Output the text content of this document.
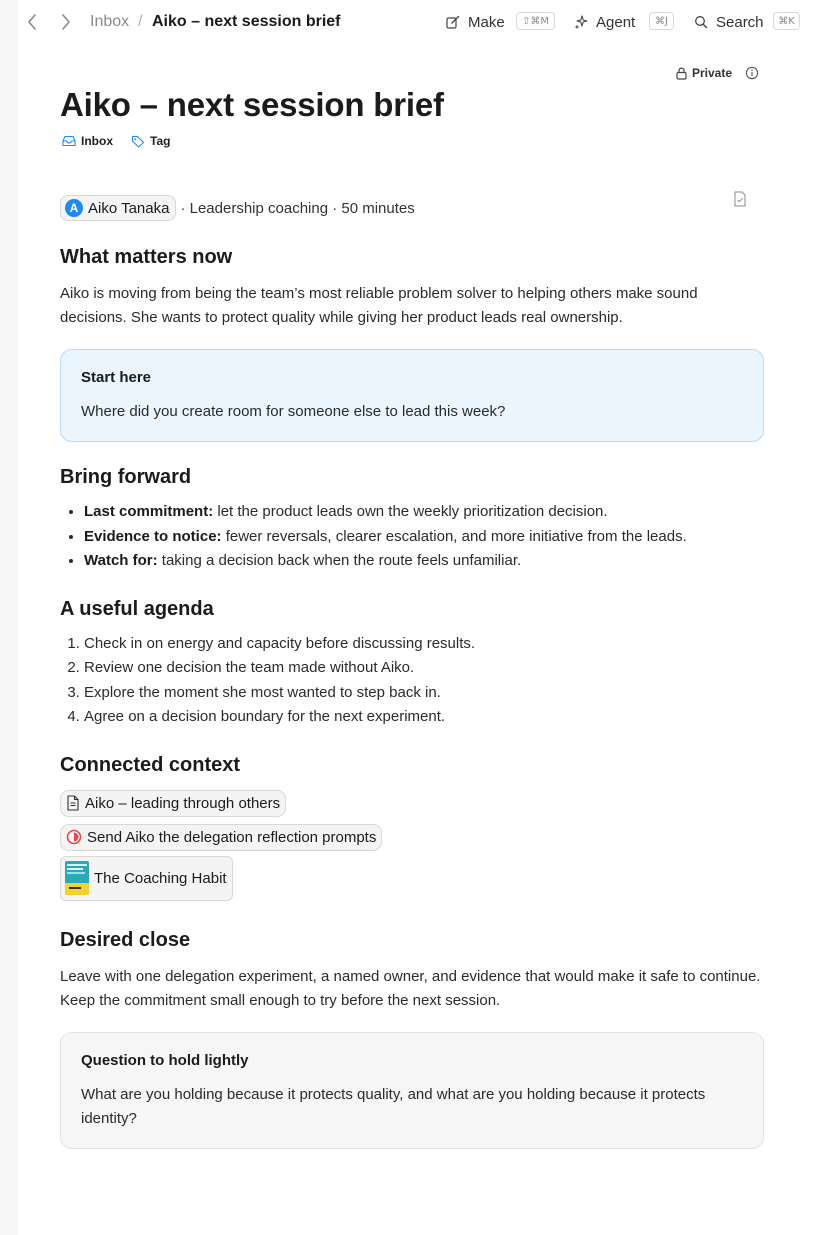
Inbox / Aiko – next session brief	Make	⇧⌘M	Agent	⌘J	Search	⌘K
Private
Aiko – next session brief
Inbox	Tag
A Aiko Tanaka · Leadership coaching · 50 minutes
What matters now

Aiko is moving from being the team’s most reliable problem solver to helping others make sound decisions. She wants to protect quality while giving her product leads real ownership.

Start here

Where did you create room for someone else to lead this week?

Bring forward
• Last commitment: let the product leads own the weekly prioritization decision.
• Evidence to notice: fewer reversals, clearer escalation, and more initiative from the leads.
• Watch for: taking a decision back when the route feels unfamiliar.
A useful agenda
1. Check in on energy and capacity before discussing results.
2. Review one decision the team made without Aiko.
3. Explore the moment she most wanted to step back in.
4. Agree on a decision boundary for the next experiment.
Connected context
Aiko – leading through others
Send Aiko the delegation reflection prompts
The Coaching Habit
Desired close

Leave with one delegation experiment, a named owner, and evidence that would make it safe to continue. Keep the commitment small enough to try before the next session.

Question to hold lightly

What are you holding because it protects quality, and what are you holding because it protects identity?
